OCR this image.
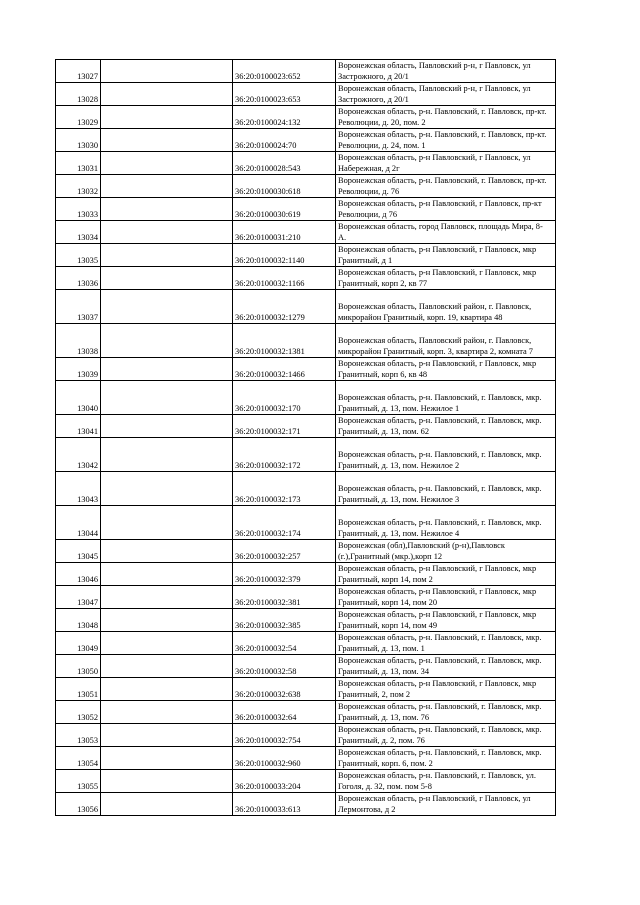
13027		36:20:0100023:652	Воронежская область, Павловский р-н, г Павловск, ул
Застрожного, д 20/1

13028		36:20:0100023:653	Воронежская область, Павловский р-н, г Павловск, ул
Застрожного, д 20/1

13029		36:20:0100024:132	Воронежская область, р-н. Павловский, г. Павловск, пр-кт.
Революции, д. 20, пом. 2

13030		36:20:0100024:70	Воронежская область, р-н. Павловский, г. Павловск, пр-кт.
Революции, д. 24, пом. 1

13031		36:20:0100028:543	Воронежская область, р-н Павловский, г Павловск, ул
Набережная, д 2г

13032		36:20:0100030:618	Воронежская область, р-н. Павловский, г. Павловск, пр-кт.
Революции, д. 76

13033		36:20:0100030:619	Воронежская область, р-н Павловский, г Павловск, пр-кт
Революции, д 76

13034		36:20:0100031:210	Воронежская область, город Павловск, площадь Мира, 8-
А.

13035		36:20:0100032:1140	Воронежская область, р-н Павловский, г Павловск, мкр
Гранитный, д 1

13036		36:20:0100032:1166	Воронежская область, р-н Павловский, г Павловск, мкр
Гранитный, корп 2, кв 77

13037		36:20:0100032:1279	Воронежская область, Павловский район, г. Павловск,
микрорайон Гранитный, корп. 19, квартира 48

13038		36:20:0100032:1381	Воронежская область, Павловский район, г. Павловск,
микрорайон Гранитный, корп. 3, квартира 2, комната 7

13039		36:20:0100032:1466	Воронежская область, р-н Павловский, г Павловск, мкр
Гранитный, корп 6, кв 48

13040		36:20:0100032:170	Воронежская область, р-н. Павловский, г. Павловск, мкр.
Гранитный, д. 13, пом. Нежилое 1

13041		36:20:0100032:171	Воронежская область, р-н. Павловский, г. Павловск, мкр.
Гранитный, д. 13, пом. 62

13042		36:20:0100032:172	Воронежская область, р-н. Павловский, г. Павловск, мкр.
Гранитный, д. 13, пом. Нежилое 2

13043		36:20:0100032:173	Воронежская область, р-н. Павловский, г. Павловск, мкр.
Гранитный, д. 13, пом. Нежилое 3

13044		36:20:0100032:174	Воронежская область, р-н. Павловский, г. Павловск, мкр.
Гранитный, д. 13, пом. Нежилое 4

13045		36:20:0100032:257	Воронежская (обл),Павловский (р-н),Павловск
(г.),Гранитный (мкр.),корп 12

13046		36:20:0100032:379	Воронежская область, р-н Павловский, г Павловск, мкр
Гранитный, корп 14, пом 2

13047		36:20:0100032:381	Воронежская область, р-н Павловский, г Павловск, мкр
Гранитный, корп 14, пом 20

13048		36:20:0100032:385	Воронежская область, р-н Павловский, г Павловск, мкр
Гранитный, корп 14, пом 49

13049		36:20:0100032:54	Воронежская область, р-н. Павловский, г. Павловск, мкр.
Гранитный, д. 13, пом. 1

13050		36:20:0100032:58	Воронежская область, р-н. Павловский, г. Павловск, мкр.
Гранитный, д. 13, пом. 34

13051		36:20:0100032:638	Воронежская область, р-н Павловский, г Павловск, мкр
Гранитный, 2, пом 2

13052		36:20:0100032:64	Воронежская область, р-н. Павловский, г. Павловск, мкр.
Гранитный, д. 13, пом. 76

13053		36:20:0100032:754	Воронежская область, р-н. Павловский, г. Павловск, мкр.
Гранитный, д. 2, пом. 76

13054		36:20:0100032:960	Воронежская область, р-н. Павловский, г. Павловск, мкр.
Гранитный, корп. 6, пом. 2

13055		36:20:0100033:204	Воронежская область, р-н. Павловский, г. Павловск, ул.
Гоголя, д. 32, пом. пом 5-8

13056		36:20:0100033:613	Воронежская область, р-н Павловский, г Павловск, ул
Лермонтова, д 2
